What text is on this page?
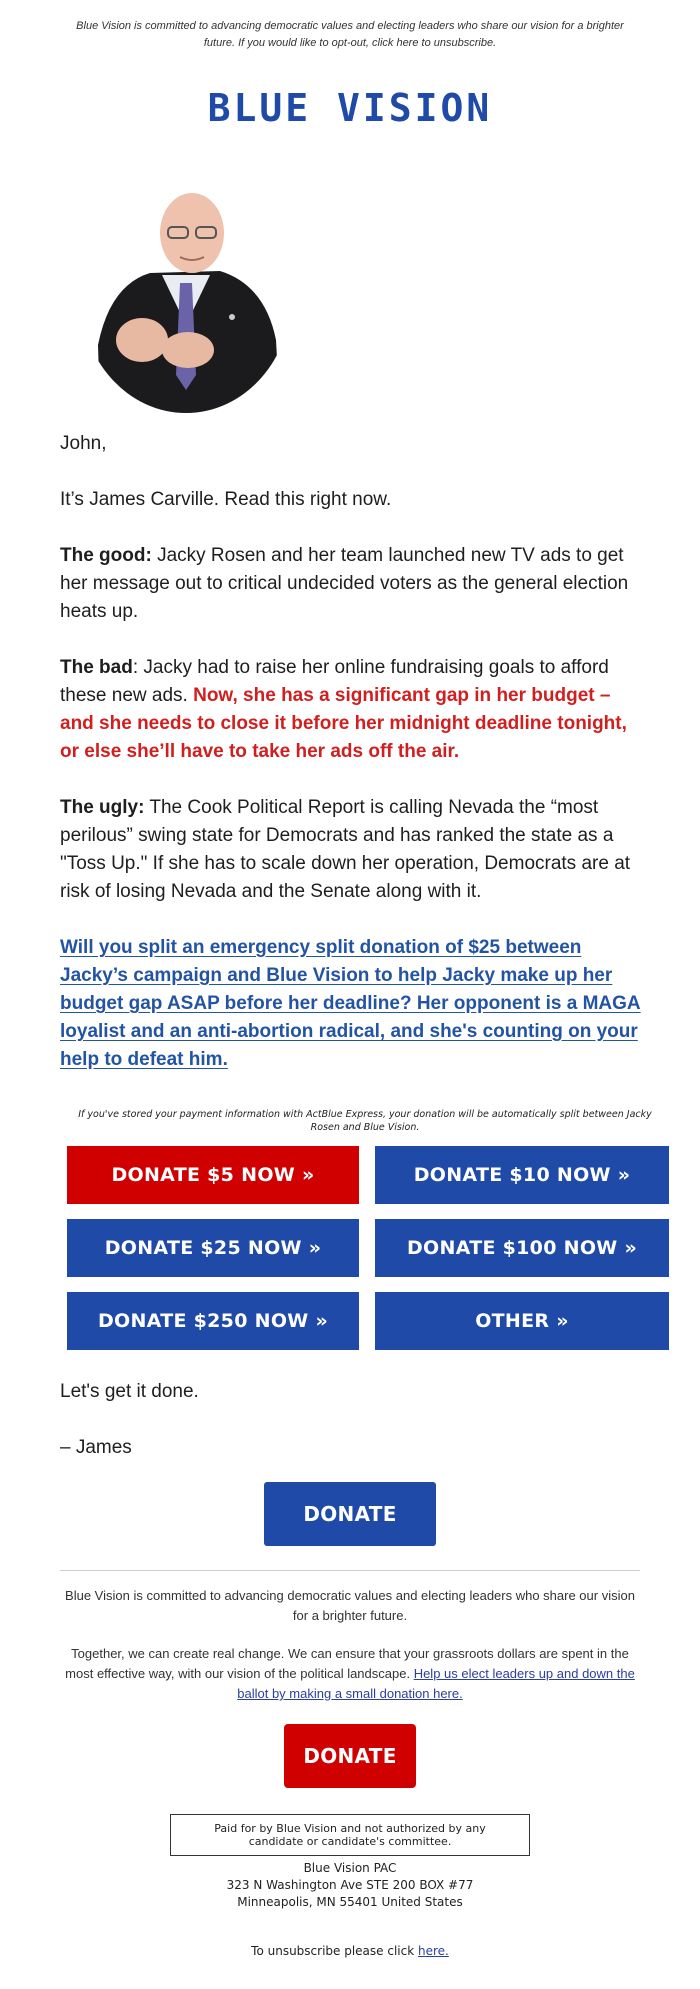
Blue Vision is committed to advancing democratic values and electing leaders who share our vision for a brighter future. If you would like to opt-out, click here to unsubscribe.
BLUE VISION
John,
It’s James Carville. Read this right now.
The good: Jacky Rosen and her team launched new TV ads to get her message out to critical undecided voters as the general election heats up.
The bad: Jacky had to raise her online fundraising goals to afford these new ads. Now, she has a significant gap in her budget – and she needs to close it before her midnight deadline tonight, or else she’ll have to take her ads off the air.
The ugly: The Cook Political Report is calling Nevada the “most perilous” swing state for Democrats and has ranked the state as a "Toss Up." If she has to scale down her operation, Democrats are at risk of losing Nevada and the Senate along with it.
Will you split an emergency split donation of $25 between Jacky’s campaign and Blue Vision to help Jacky make up her budget gap ASAP before her deadline? Her opponent is a MAGA loyalist and an anti-abortion radical, and she's counting on your help to defeat him.
If you've stored your payment information with ActBlue Express, your donation will be automatically split between Jacky Rosen and Blue Vision.
DONATE $5 NOW »	DONATE $10 NOW »
DONATE $25 NOW »	DONATE $100 NOW »
DONATE $250 NOW »	OTHER »
Let's get it done.
– James
DONATE
Blue Vision is committed to advancing democratic values and electing leaders who share our vision for a brighter future.
Together, we can create real change. We can ensure that your grassroots dollars are spent in the most effective way, with our vision of the political landscape. Help us elect leaders up and down the ballot by making a small donation here.
DONATE
Paid for by Blue Vision and not authorized by any
candidate or candidate's committee.
Blue Vision PAC
323 N Washington Ave STE 200 BOX #77
Minneapolis, MN 55401 United States
To unsubscribe please click here.
